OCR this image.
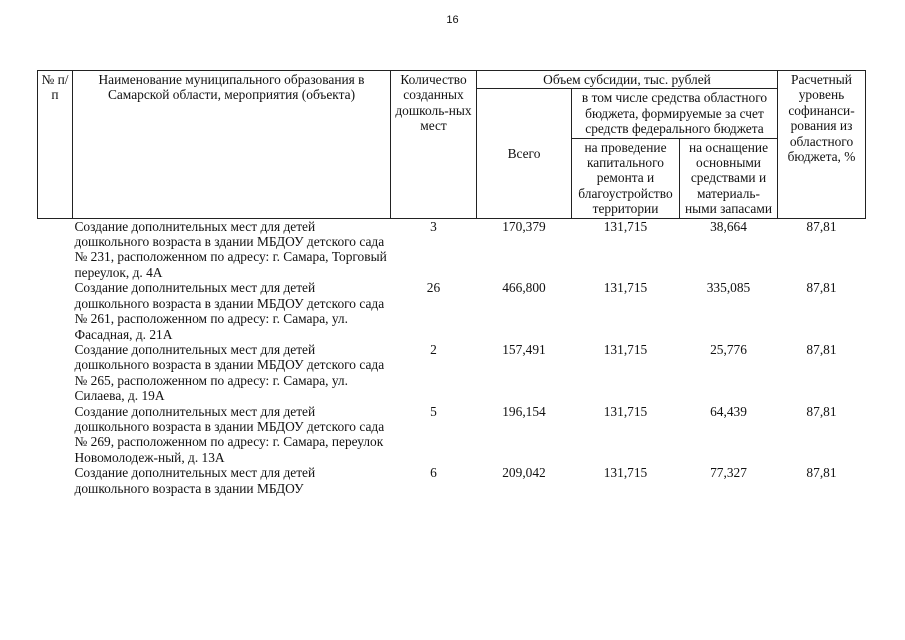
16
№ п/п	Наименование муниципального образования в Самарской области, мероприятия (объекта)	Количество созданных дошколь-ных мест	Объем субсидии, тыс. рублей			Расчетный уровень софинанси-рования из областного бюджета, %
			Всего	в том числе средства областного бюджета, формируемые за счет средств федерального бюджета		
				на проведение капитального ремонта и благоустройство территории	на оснащение основными средствами и материаль-ными запасами	
	Создание дополнительных мест для детей дошкольного возраста в здании МБДОУ детского сада № 231, расположенном по адресу: г. Самара, Торговый переулок, д. 4А	3	170,379	131,715	38,664	87,81
	Создание дополнительных мест для детей дошкольного возраста в здании МБДОУ детского сада № 261, расположенном по адресу: г. Самара, ул. Фасадная, д. 21А	26	466,800	131,715	335,085	87,81
	Создание дополнительных мест для детей дошкольного возраста в здании МБДОУ детского сада № 265, расположенном по адресу: г. Самара, ул. Силаева, д. 19А	2	157,491	131,715	25,776	87,81
	Создание дополнительных мест для детей дошкольного возраста в здании МБДОУ детского сада № 269, расположенном по адресу: г. Самара, переулок Новомолодеж-ный, д. 13А	5	196,154	131,715	64,439	87,81
	Создание дополнительных мест для детей дошкольного возраста в здании МБДОУ	6	209,042	131,715	77,327	87,81
